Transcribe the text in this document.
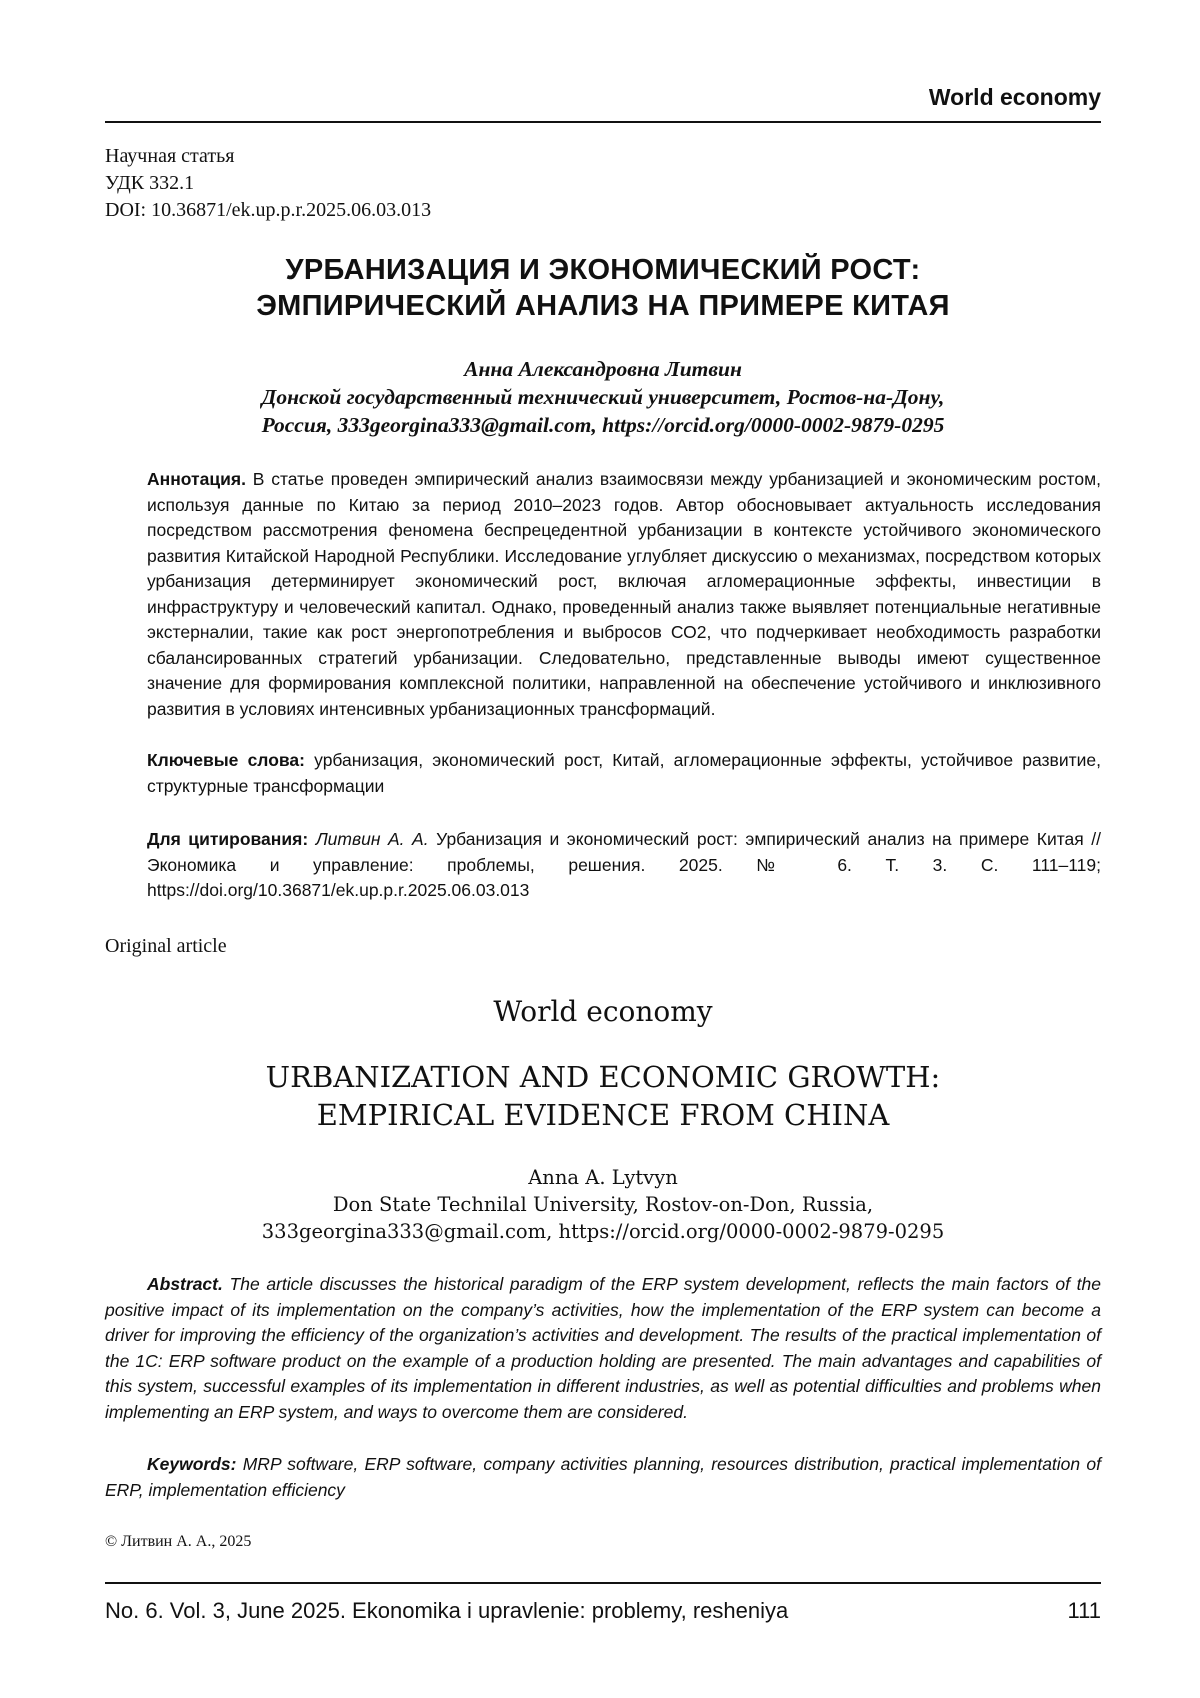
World economy
Научная статья
УДК 332.1
DOI: 10.36871/ek.up.p.r.2025.06.03.013
УРБАНИЗАЦИЯ И ЭКОНОМИЧЕСКИЙ РОСТ:
ЭМПИРИЧЕСКИЙ АНАЛИЗ НА ПРИМЕРЕ КИТАЯ
Анна Александровна Литвин
Донской государственный технический университет, Ростов-на-Дону,
Россия, 333georgina333@gmail.com, https://orcid.org/0000-0002-9879-0295
Аннотация. В статье проведен эмпирический анализ взаимосвязи между урбанизацией и экономическим ростом, используя данные по Китаю за период 2010–2023 годов. Автор обосновывает актуальность исследования посредством рассмотрения феномена беспрецедентной урбанизации в контексте устойчивого экономического развития Китайской Народной Республики. Исследование углубляет дискуссию о механизмах, посредством которых урбанизация детерминирует экономический рост, включая агломерационные эффекты, инвестиции в инфраструктуру и человеческий капитал. Однако, проведенный анализ также выявляет потенциальные негативные экстерналии, такие как рост энергопотребления и выбросов СО2, что подчеркивает необходимость разработки сбалансированных стратегий урбанизации. Следовательно, представленные выводы имеют существенное значение для формирования комплексной политики, направленной на обеспечение устойчивого и инклюзивного развития в условиях интенсивных урбанизационных трансформаций.
Ключевые слова: урбанизация, экономический рост, Китай, агломерационные эффекты, устойчивое развитие, структурные трансформации
Для цитирования: Литвин А. А. Урбанизация и экономический рост: эмпирический анализ на примере Китая // Экономика и управление: проблемы, решения. 2025. № 6. Т. 3. С. 111–119; https://doi.org/10.36871/ek.up.p.r.2025.06.03.013
Original article
World economy
URBANIZATION AND ECONOMIC GROWTH:
EMPIRICAL EVIDENCE FROM CHINA
Anna A. Lytvyn
Don State Technilal University, Rostov-on-Don, Russia,
333georgina333@gmail.com, https://orcid.org/0000-0002-9879-0295
Abstract. The article discusses the historical paradigm of the ERP system development, reflects the main factors of the positive impact of its implementation on the company’s activities, how the implementation of the ERP system can become a driver for improving the efficiency of the organization’s activities and development. The results of the practical implementation of the 1C: ERP software product on the example of a production holding are presented. The main advantages and capabilities of this system, successful examples of its implementation in different industries, as well as potential difficulties and problems when implementing an ERP system, and ways to overcome them are considered.
Keywords: MRP software, ERP software, company activities planning, resources distribution, practical implementation of ERP, implementation efficiency
© Литвин А. А., 2025
No. 6. Vol. 3, June 2025. Ekonomika i upravlenie: problemy, resheniya	111
